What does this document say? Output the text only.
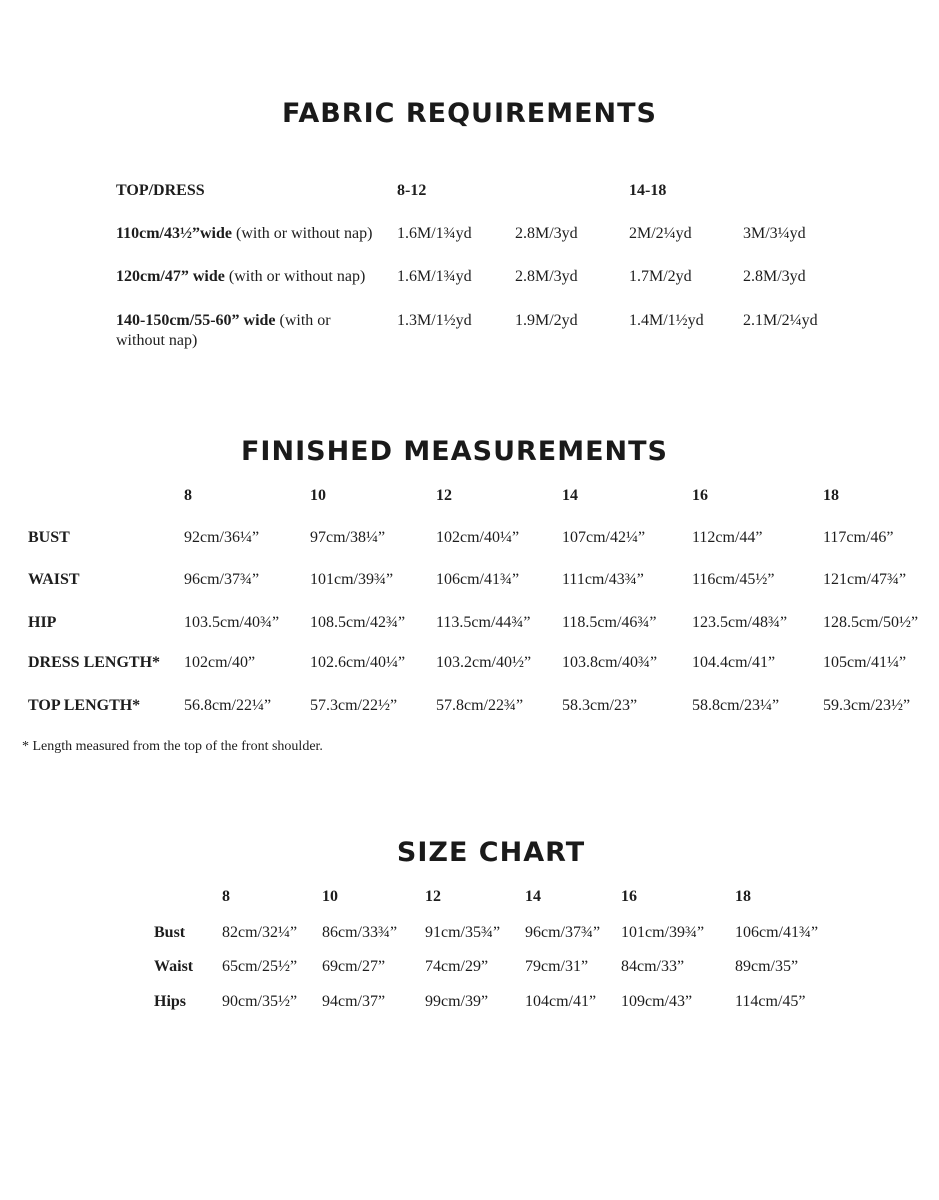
FABRIC REQUIREMENTS
TOP/DRESS	8-12	14-18
110cm/43½”wide (with or without nap) 1.6M/1¾yd	2.8M/3yd	2M/2¼yd	3M/3¼yd
120cm/47” wide (with or without nap) 1.6M/1¾yd	2.8M/3yd	1.7M/2yd	2.8M/3yd
140-150cm/55-60” wide (with or
without nap)
1.3M/1½yd	1.9M/2yd	1.4M/1½yd 2.1M/2¼yd
FINISHED MEASUREMENTS
8	10	12	14	16	18
BUST	92cm/36¼”	97cm/38¼”	102cm/40¼”	107cm/42¼”	112cm/44”	117cm/46”
WAIST	96cm/37¾”	101cm/39¾”	106cm/41¾”	111cm/43¾”	116cm/45½”	121cm/47¾”
HIP	103.5cm/40¾” 108.5cm/42¾” 113.5cm/44¾” 118.5cm/46¾” 123.5cm/48¾” 128.5cm/50½”
DRESS LENGTH* 102cm/40”	102.6cm/40¼” 103.2cm/40½” 103.8cm/40¾” 104.4cm/41”	105cm/41¼”
TOP LENGTH*	56.8cm/22¼” 57.3cm/22½” 57.8cm/22¾” 58.3cm/23”	58.8cm/23¼”	59.3cm/23½”
* Length measured from the top of the front shoulder.
SIZE CHART
8	10	12	14	16	18
Bust 82cm/32¼” 86cm/33¾” 91cm/35¾” 96cm/37¾” 101cm/39¾” 106cm/41¾”
Waist 65cm/25½” 69cm/27” 74cm/29” 79cm/31” 84cm/33”	89cm/35”
Hips 90cm/35½” 94cm/37” 99cm/39” 104cm/41” 109cm/43”	114cm/45”
